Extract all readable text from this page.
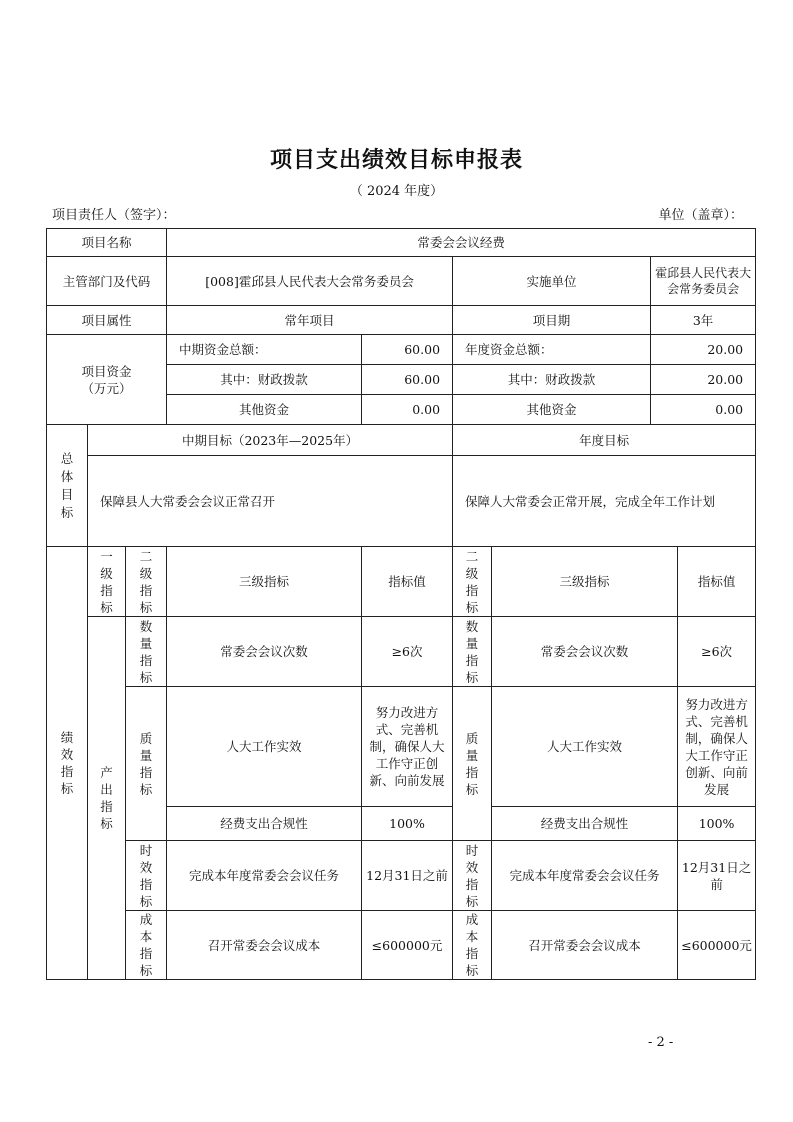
项目支出绩效目标申报表
（ 2024 年度）
项目责任人（签字）：	单位（盖章）：
项目名称			常委会会议经费					
主管部门及代码			[008]霍邱县人民代表大会常务委员会		实施单位		霍邱县人民代表大会常务委员会	
项目属性			常年项目		项目期		3年	
项目资金（万元）			中期资金总额：	60.00	年度资金总额：		20.00	
			其中：财政拨款	60.00	其中：财政拨款		20.00	
			其他资金	0.00	其他资金		0.00	
总体目标	中期目标（2023年—2025年）				年度目标			
	保障县人大常委会会议正常召开				保障人大常委会正常开展，完成全年工作计划			
绩效指标	一级指标	二级指标	三级指标	指标值	二级指标	三级指标		指标值
	产出指标	数量指标	常委会会议次数	≥6次	数量指标	常委会会议次数		≥6次
		质量指标	人大工作实效	努力改进方式、完善机制，确保人大工作守正创新、向前发展	质量指标	人大工作实效		努力改进方式、完善机制，确保人大工作守正创新、向前发展
			经费支出合规性	100%		经费支出合规性		100%
		时效指标	完成本年度常委会会议任务	12月31日之前	时效指标	完成本年度常委会会议任务		12月31日之前
		成本指标	召开常委会会议成本	≤600000元	成本指标	召开常委会会议成本		≤600000元
- 2 -
